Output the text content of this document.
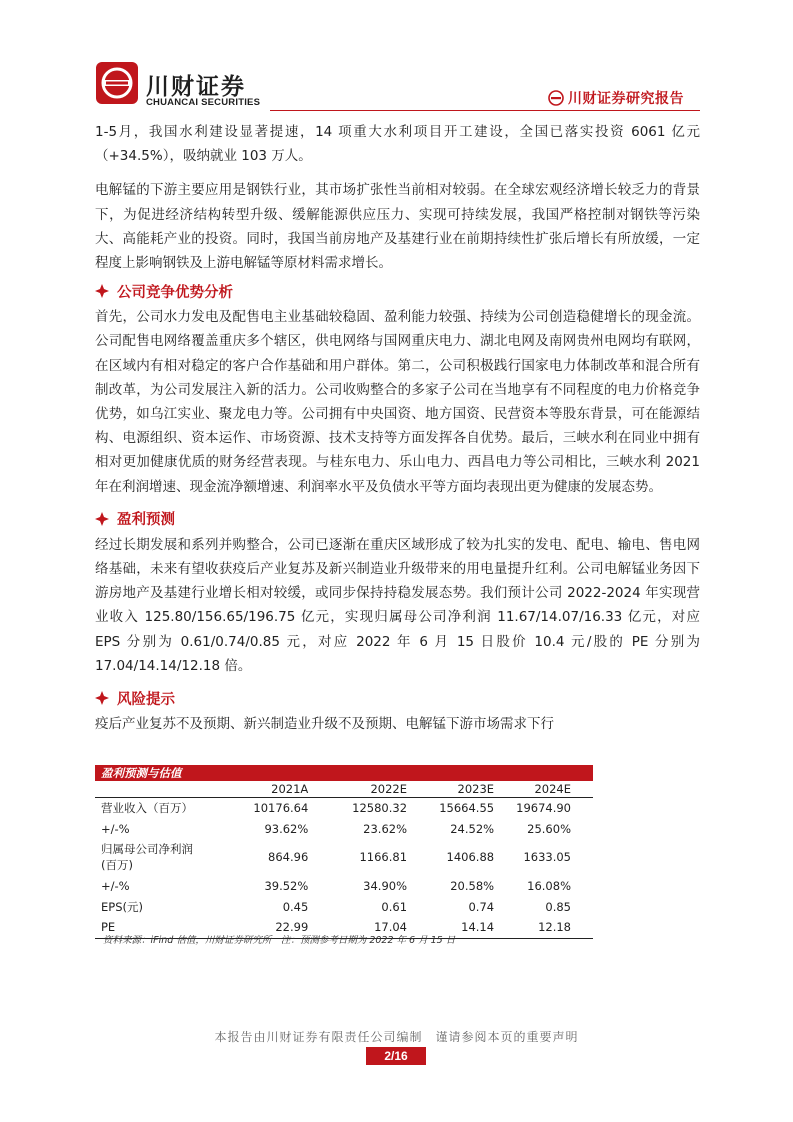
川财证券
CHUANCAI SECURITIES	川财证券研究报告

1-5月，我国水利建设显著提速，14 项重大水利项目开工建设，全国已落实投资 6061 亿元（+34.5%），吸纳就业 103 万人。

电解锰的下游主要应用是钢铁行业，其市场扩张性当前相对较弱。在全球宏观经济增长较乏力的背景下，为促进经济结构转型升级、缓解能源供应压力、实现可持续发展，我国严格控制对钢铁等污染大、高能耗产业的投资。同时，我国当前房地产及基建行业在前期持续性扩张后增长有所放缓，一定程度上影响钢铁及上游电解锰等原材料需求增长。

公司竞争优势分析

首先，公司水力发电及配售电主业基础较稳固、盈利能力较强、持续为公司创造稳健增长的现金流。公司配售电网络覆盖重庆多个辖区，供电网络与国网重庆电力、湖北电网及南网贵州电网均有联网，在区域内有相对稳定的客户合作基础和用户群体。第二，公司积极践行国家电力体制改革和混合所有制改革，为公司发展注入新的活力。公司收购整合的多家子公司在当地享有不同程度的电力价格竞争优势，如乌江实业、聚龙电力等。公司拥有中央国资、地方国资、民营资本等股东背景，可在能源结构、电源组织、资本运作、市场资源、技术支持等方面发挥各自优势。最后，三峡水利在同业中拥有相对更加健康优质的财务经营表现。与桂东电力、乐山电力、西昌电力等公司相比，三峡水利 2021 年在利润增速、现金流净额增速、利润率水平及负债水平等方面均表现出更为健康的发展态势。

盈利预测

经过长期发展和系列并购整合，公司已逐渐在重庆区域形成了较为扎实的发电、配电、输电、售电网络基础，未来有望收获疫后产业复苏及新兴制造业升级带来的用电量提升红利。公司电解锰业务因下游房地产及基建行业增长相对较缓，或同步保持持稳发展态势。我们预计公司 2022-2024 年实现营业收入 125.80/156.65/196.75 亿元，实现归属母公司净利润 11.67/14.07/16.33 亿元，对应 EPS 分别为 0.61/0.74/0.85 元，对应 2022 年 6 月 15 日股价 10.4 元/股的 PE 分别为 17.04/14.14/12.18 倍。

风险提示

疫后产业复苏不及预期、新兴制造业升级不及预期、电解锰下游市场需求下行

盈利预测与估值
	2021A	2022E	2023E	2024E
营业收入（百万）	10176.64	12580.32	15664.55	19674.90
+/-%	93.62%	23.62%	24.52%	25.60%
归属母公司净利润(百万)	864.96	1166.81	1406.88	1633.05
+/-%	39.52%	34.90%	20.58%	16.08%
EPS(元)	0.45	0.61	0.74	0.85
PE	22.99	17.04	14.14	12.18
资料来源：iFind 估值，川财证券研究所　注：预测参考日期为 2022 年 6 月 15 日
本报告由川财证券有限责任公司编制　谨请参阅本页的重要声明
2/16
